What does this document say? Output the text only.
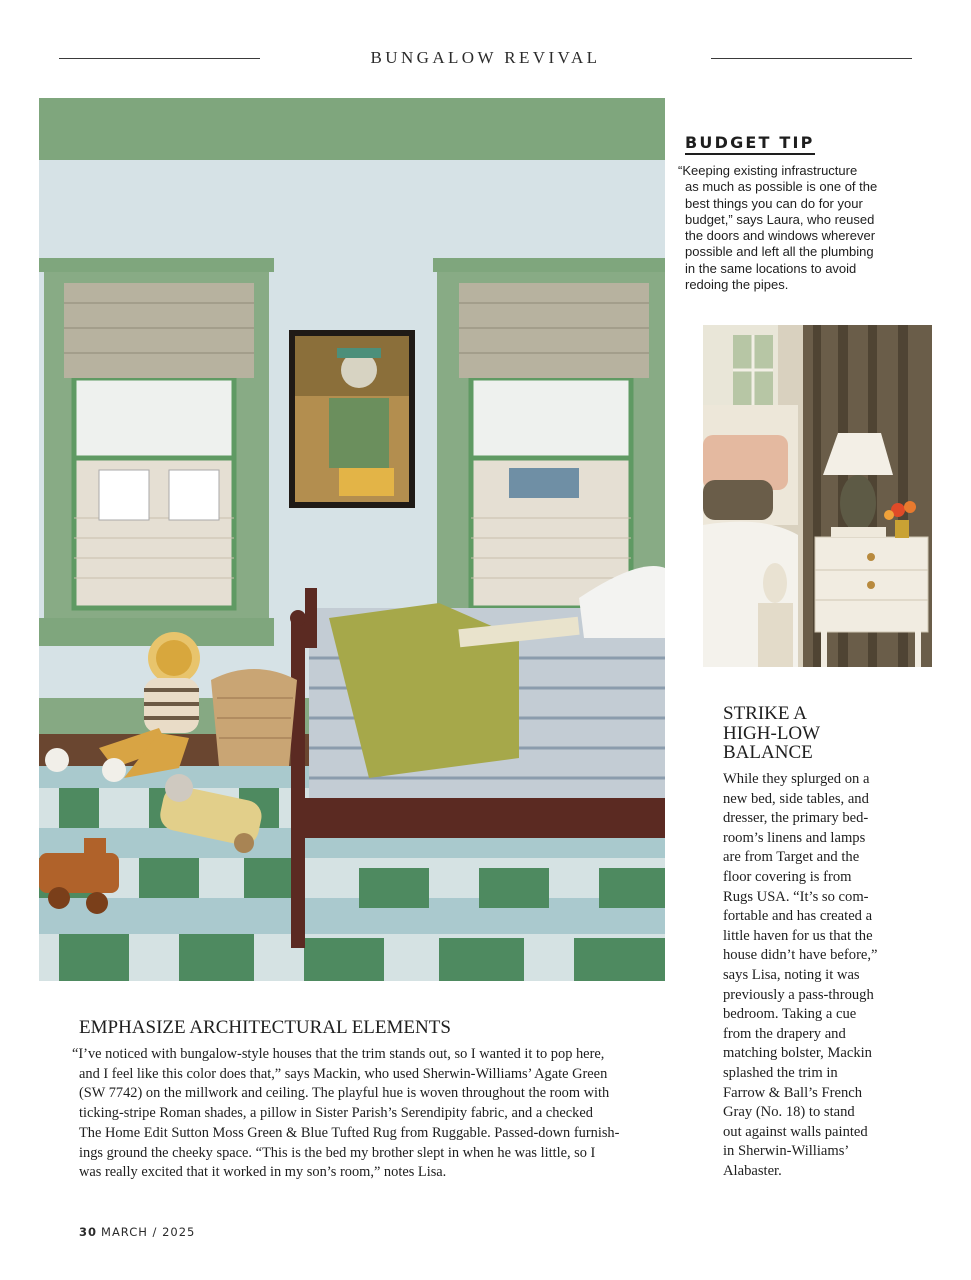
BUNGALOW REVIVAL
BUDGET TIP
“Keeping existing infrastructure
as much as possible is one of the
best things you can do for your
budget,” says Laura, who reused
the doors and windows wherever
possible and left all the plumbing
in the same locations to avoid
redoing the pipes.
STRIKE A
HIGH-LOW
BALANCE
While they splurged on a
new bed, side tables, and
dresser, the primary bed-
room’s linens and lamps
are from Target and the
floor covering is from
Rugs USA. “It’s so com-
fortable and has created a
little haven for us that the
house didn’t have before,”
says Lisa, noting it was
previously a pass-through
bedroom. Taking a cue
from the drapery and
matching bolster, Mackin
splashed the trim in
Farrow & Ball’s French
Gray (No. 18) to stand
out against walls painted
in Sherwin-Williams’
Alabaster.
EMPHASIZE ARCHITECTURAL ELEMENTS
“I’ve noticed with bungalow-style houses that the trim stands out, so I wanted it to pop here,
and I feel like this color does that,” says Mackin, who used Sherwin-Williams’ Agate Green
(SW 7742) on the millwork and ceiling. The playful hue is woven throughout the room with
ticking-stripe Roman shades, a pillow in Sister Parish’s Serendipity fabric, and a checked
The Home Edit Sutton Moss Green & Blue Tufted Rug from Ruggable. Passed-down furnish-
ings ground the cheeky space. “This is the bed my brother slept in when he was little, so I
was really excited that it worked in my son’s room,” notes Lisa.
30 MARCH / 2025
